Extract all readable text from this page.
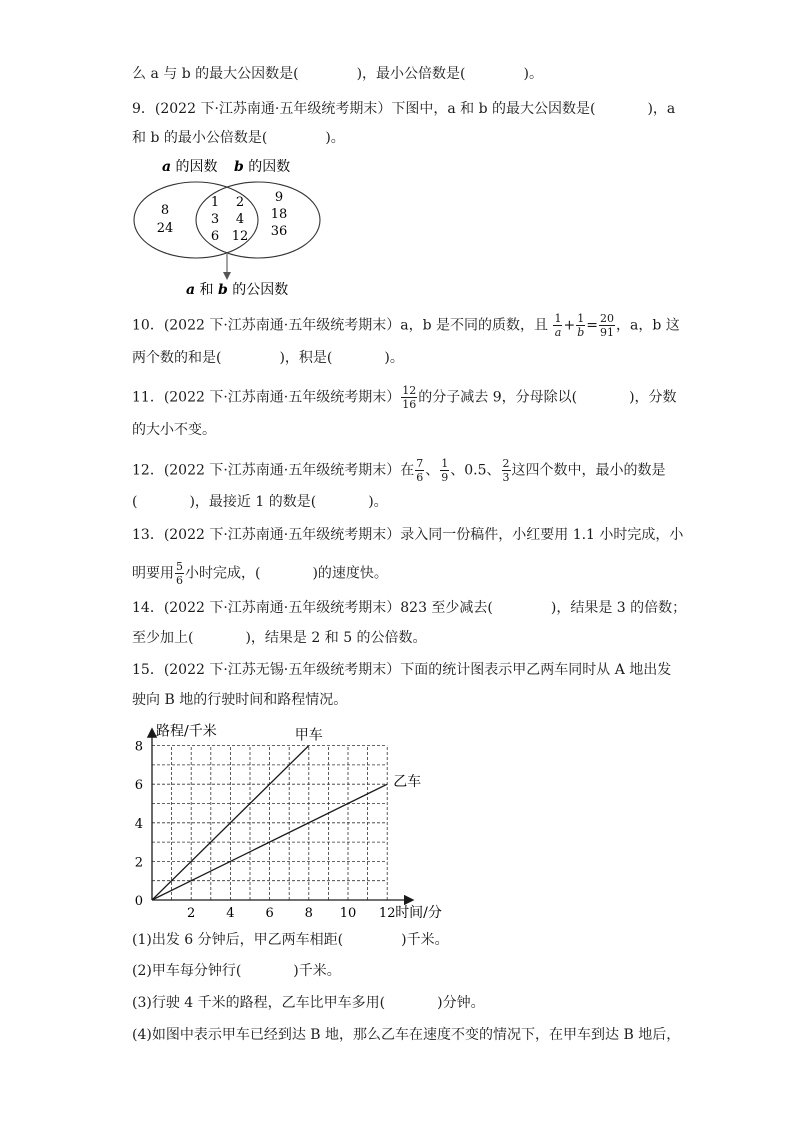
么 a 与 b 的最大公因数是(	)，最小公倍数是(	)。
9．(2022 下·江苏南通·五年级统考期末）下图中，a 和 b 的最大公因数是(	)，a
和 b 的最小公倍数是(	)。
a 的因数 b 的因数
8
24
1 2
3 4
6 12
9
18
36
a 和 b 的公因数
10．(2022 下·江苏南通·五年级统考期末）a，b 是不同的质数，且 $\frac{1}{a} + \frac{1}{b} = \frac{20}{91}$ ，a，b 这
两个数的和是(	)，积是(	)。
11．(2022 下·江苏南通·五年级统考期末） $\frac{12}{16}$ 的分子减去 9，分母除以(	)，分数
的大小不变。
12．(2022 下·江苏南通·五年级统考期末）在 $\frac{7}{6}$ 、 $\frac{1}{9}$ 、0.5、 $\frac{2}{3}$ 这四个数中，最小的数是
(	)，最接近 1 的数是(	)。
13．(2022 下·江苏南通·五年级统考期末）录入同一份稿件，小红要用 1.1 小时完成，小
明要用 $\frac{5}{6}$ 小时完成，(	)的速度快。
14．(2022 下·江苏南通·五年级统考期末）823 至少减去(	)，结果是 3 的倍数；
至少加上(	)，结果是 2 和 5 的公倍数。
15．(2022 下·江苏无锡·五年级统考期末）下面的统计图表示甲乙两车同时从 A 地出发
驶向 B 地的行驶时间和路程情况。
2 4 6 8 10 12
2
4
6
8
0
时间/分
路程/千米	甲车
乙车
(1)出发 6 分钟后，甲乙两车相距(	)千米。
(2)甲车每分钟行(	)千米。
(3)行驶 4 千米的路程，乙车比甲车多用(	)分钟。
(4)如图中表示甲车已经到达 B 地，那么乙车在速度不变的情况下，在甲车到达 B 地后，
